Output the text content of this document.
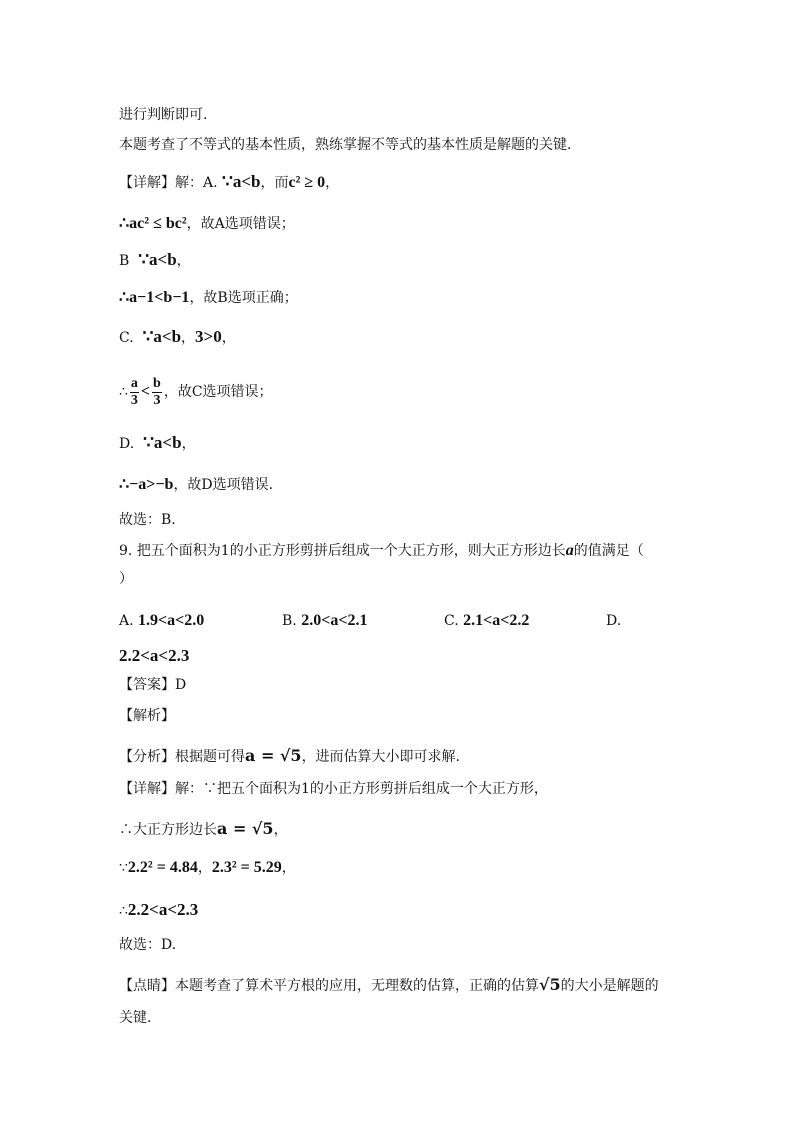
进行判断即可.
本题考查了不等式的基本性质，熟练掌握不等式的基本性质是解题的关键.
【详解】解：A. ∵a<b，而c² ≥ 0，
∴ac² ≤ bc²，故A选项错误；
B ∵a<b，
∴a−1<b−1，故B选项正确；
C.  ∵a<b，3>0，
∴ $\frac{a}{3} < \frac{b}{3}$ ，故C选项错误；
D.  ∵a<b，
∴−a>−b，故D选项错误.
故选：B.
9. 把五个面积为1的小正方形剪拼后组成一个大正方形，则大正方形边长a的值满足（
）
A. 1.9<a<2.0	B. 2.0<a<2.1	C. 2.1<a<2.2	D.
2.2<a<2.3
【答案】D
【解析】
【分析】根据题可得a = √5，进而估算大小即可求解.
【详解】解：∵把五个面积为1的小正方形剪拼后组成一个大正方形，
∴大正方形边长a = √5，
∵2.2² = 4.84，2.3² = 5.29，
∴2.2<a<2.3
故选：D.
【点睛】本题考查了算术平方根的应用，无理数的估算，正确的估算√5的大小是解题的
关键.
